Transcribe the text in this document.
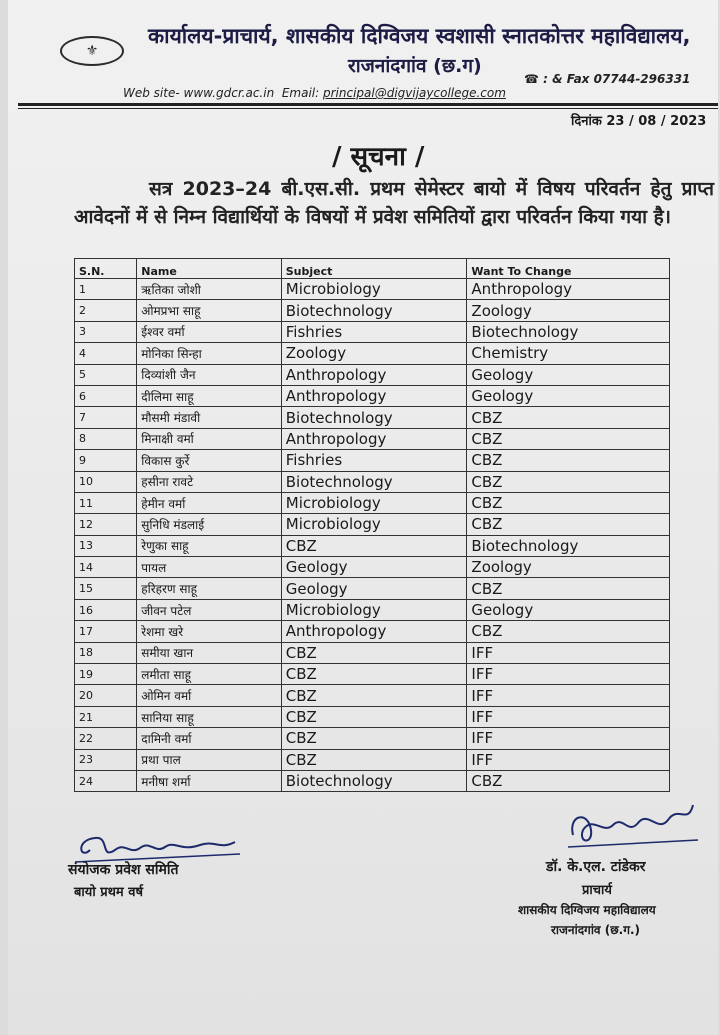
⚜
कार्यालय-प्राचार्य, शासकीय दिग्विजय स्वशासी स्नातकोत्तर महाविद्यालय,
राजनांदगांव (छ.ग)
Web site- www.gdcr.ac.in Email: principal@digvijaycollege.com
☎ : & Fax 07744-296331
दिनांक 23 / 08 / 2023
/ सूचना /
सत्र 2023–24 बी.एस.सी. प्रथम सेमेस्टर बायो में विषय परिवर्तन हेतु प्राप्त आवेदनों में से निम्न विद्यार्थियों के विषयों में प्रवेश समितियों द्वारा परिवर्तन किया गया है।
S.N.	Name	Subject	Want To Change
1	ऋतिका जोशी	Microbiology	Anthropology
2	ओमप्रभा साहू	Biotechnology	Zoology
3	ईश्वर वर्मा	Fishries	Biotechnology
4	मोनिका सिन्हा	Zoology	Chemistry
5	दिव्यांशी जैन	Anthropology	Geology
6	दीलिमा साहू	Anthropology	Geology
7	मौसमी मंडावी	Biotechnology	CBZ
8	मिनाक्षी वर्मा	Anthropology	CBZ
9	विकास कुर्रे	Fishries	CBZ
10	हसीना रावटे	Biotechnology	CBZ
11	हेमीन वर्मा	Microbiology	CBZ
12	सुनिधि मंडलाई	Microbiology	CBZ
13	रेणुका साहू	CBZ	Biotechnology
14	पायल	Geology	Zoology
15	हरिहरण साहू	Geology	CBZ
16	जीवन पटेल	Microbiology	Geology
17	रेशमा खरे	Anthropology	CBZ
18	समीया खान	CBZ	IFF
19	लमीता साहू	CBZ	IFF
20	ओमिन वर्मा	CBZ	IFF
21	सानिया साहू	CBZ	IFF
22	दामिनी वर्मा	CBZ	IFF
23	प्रथा पाल	CBZ	IFF
24	मनीषा शर्मा	Biotechnology	CBZ
संयोजक प्रवेश समिति
बायो प्रथम वर्ष
डॉ. के.एल. टांडेकर
प्राचार्य
शासकीय दिग्विजय महाविद्यालय
राजनांदगांव (छ.ग.)
